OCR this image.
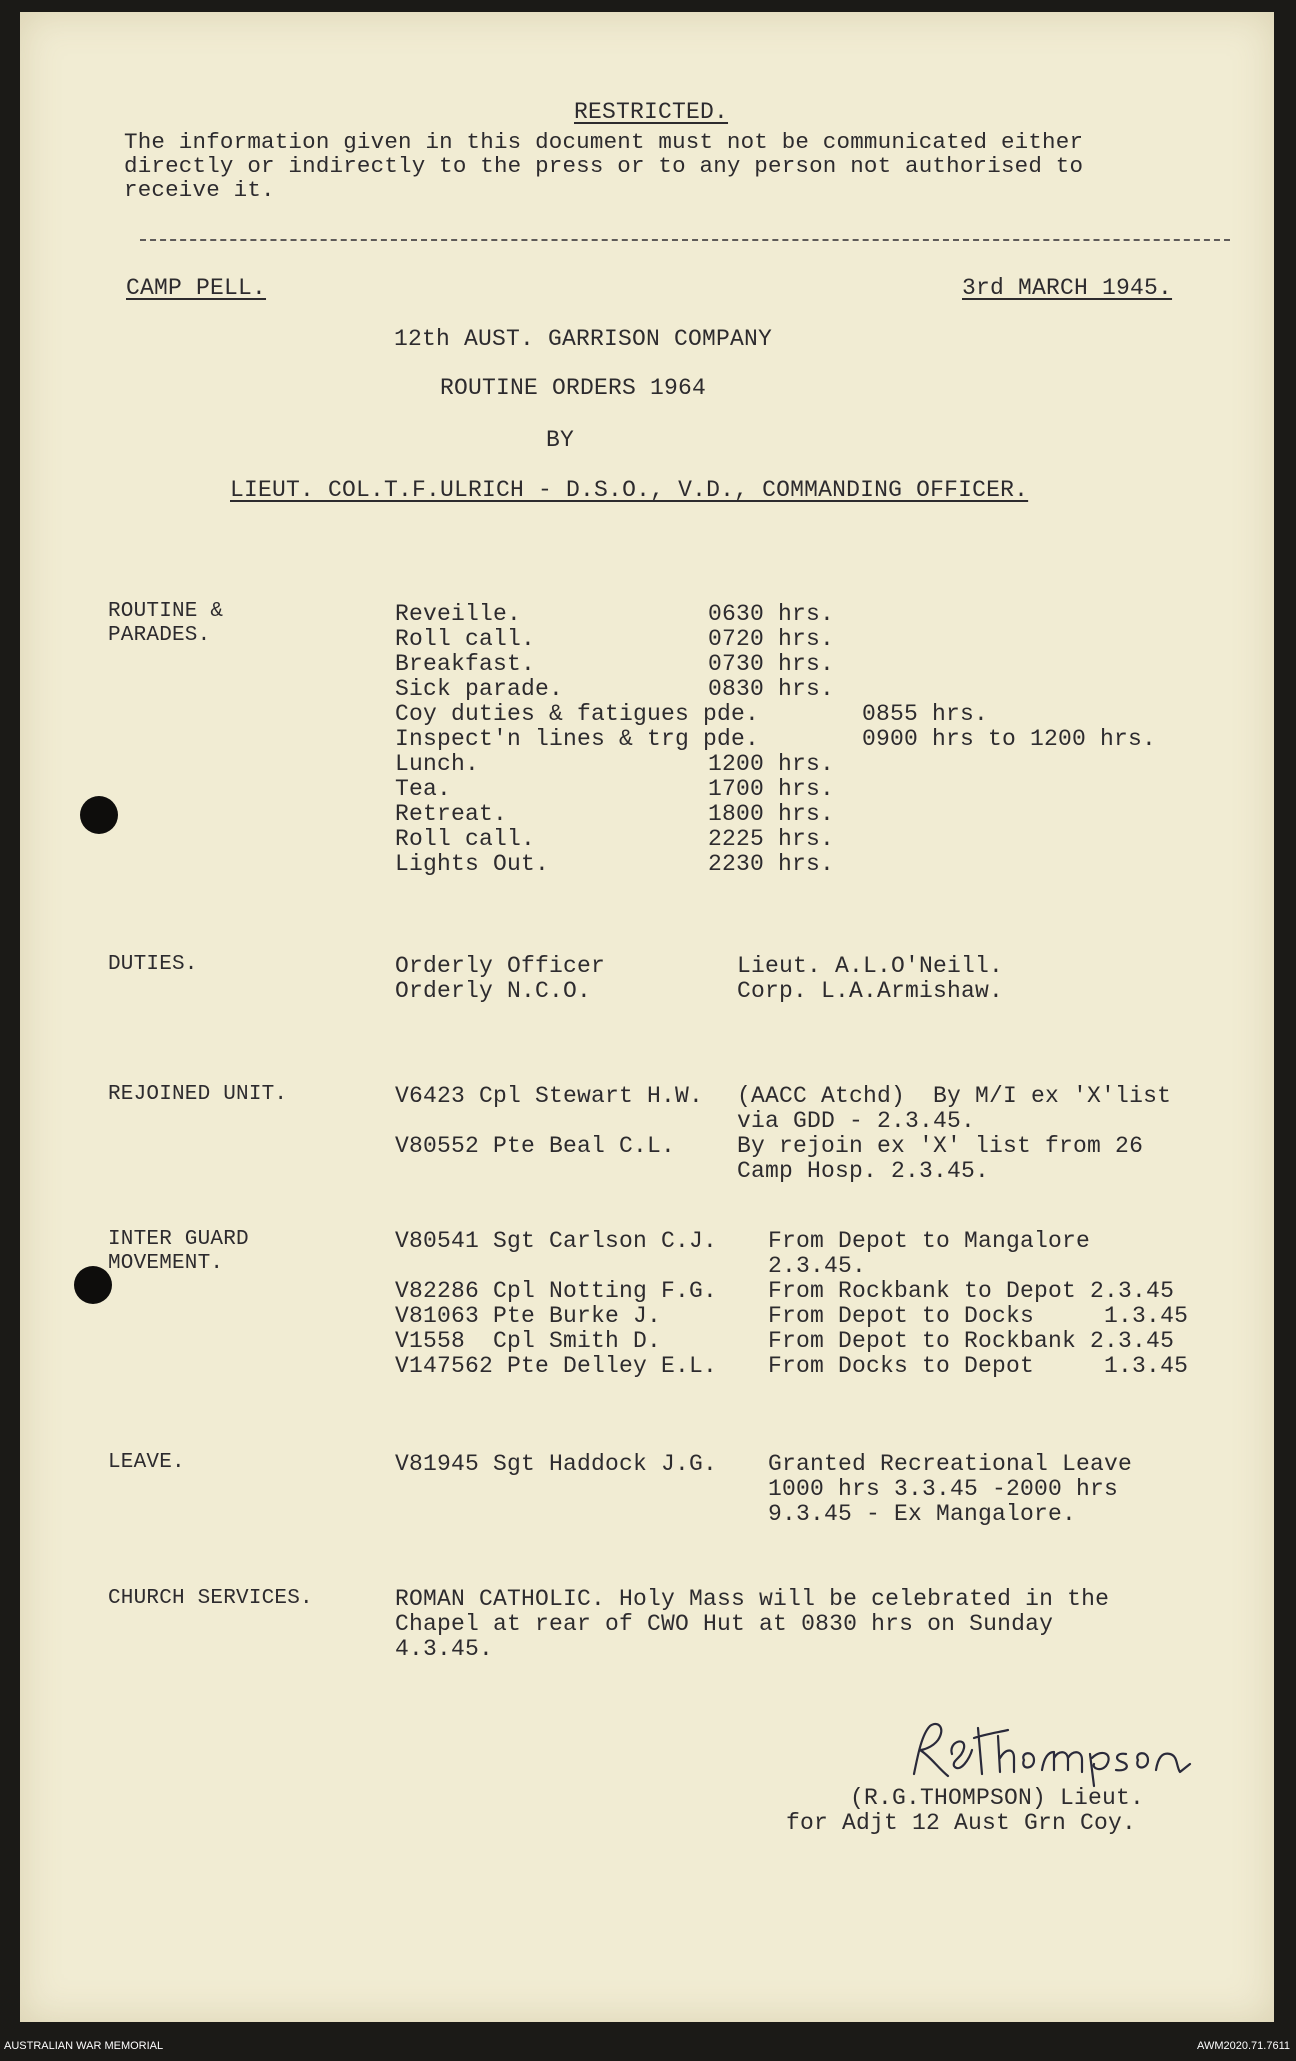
RESTRICTED.
The information given in this document must not be communicated either
directly or indirectly to the press or to any person not authorised to
receive it.
CAMP PELL.	3rd MARCH 1945.
12th AUST. GARRISON COMPANY
ROUTINE ORDERS 1964
BY
LIEUT. COL.T.F.ULRICH - D.S.O., V.D., COMMANDING OFFICER.
ROUTINE &
PARADES.
Reveille.	0630 hrs.
Roll call.	0720 hrs.
Breakfast.	0730 hrs.
Sick parade.	0830 hrs.
Coy duties & fatigues pde.	0855 hrs.
Inspect'n lines & trg pde.	0900 hrs to 1200 hrs.
Lunch.	1200 hrs.
Tea.	1700 hrs.
Retreat.	1800 hrs.
Roll call.	2225 hrs.
Lights Out.	2230 hrs.
DUTIES.	Orderly Officer	Lieut. A.L.O'Neill.
Orderly N.C.O.	Corp. L.A.Armishaw.
REJOINED UNIT.	V6423 Cpl Stewart H.W. (AACC Atchd)  By M/I ex 'X'list
via GDD - 2.3.45.
V80552 Pte Beal C.L.	By rejoin ex 'X' list from 26
Camp Hosp. 2.3.45.
INTER GUARD
MOVEMENT.
V80541 Sgt Carlson C.J. From Depot to Mangalore
2.3.45.
V82286 Cpl Notting F.G. From Rockbank to Depot 2.3.45
V81063 Pte Burke J.	From Depot to Docks     1.3.45
V1558  Cpl Smith D.	From Depot to Rockbank 2.3.45
V147562 Pte Delley E.L. From Docks to Depot     1.3.45
LEAVE.	V81945 Sgt Haddock J.G. Granted Recreational Leave
1000 hrs 3.3.45 -2000 hrs
9.3.45 - Ex Mangalore.
CHURCH SERVICES.	ROMAN CATHOLIC. Holy Mass will be celebrated in the
Chapel at rear of CWO Hut at 0830 hrs on Sunday
4.3.45.
(R.G.THOMPSON) Lieut.
for Adjt 12 Aust Grn Coy.
AUSTRALIAN WAR MEMORIAL	AWM2020.71.7611
